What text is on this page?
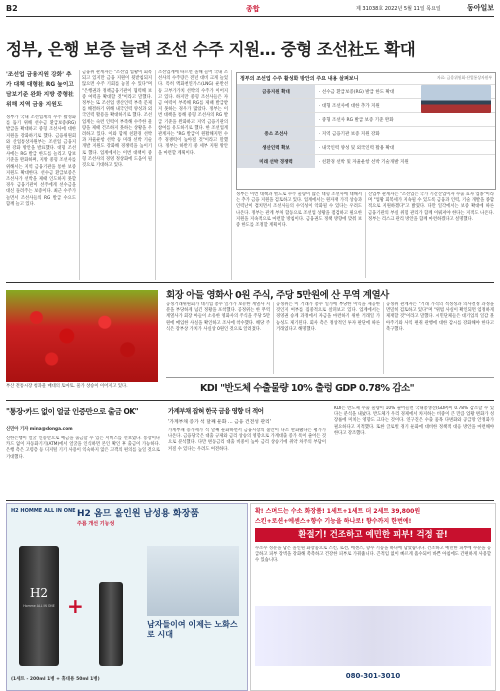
B2	종합	제 31038호 2022년 5월 11일 목요일	동아일보
정부, 은행 보증 늘려 조선 수주 지원… 중형 조선社도 확대
'조선업 금융지원 강화' 추가 대책 대형社 RG 높이고 담보기준 완화 지방 중형社 위해 지역 금융 지원도
정부가 국내 조선업계의 수주 활성화를 돕기 위해 선수금 환급보증(RG) 발급을 확대하고 중형 조선사에 대한 지원을 강화하기로 했다. 금융위원회와 산업통상자원부는 조선업 금융지원 강화 방안을 발표했다. 대형 조선사에는 RG 발급 한도를 늘리고 담보 기준을 완화하며, 지방 중형 조선사를 위해서는 지역 금융기관을 통한 보증 지원도 확대한다. 선수금 환급보증은 조선사가 선박을 제때 인도하지 못할 경우 금융기관이 선주에게 선수금을 대신 돌려주는 보증이다. 최근 수주가 늘면서 조선사들의 RG 발급 수요도 함께 늘고 있다.
금융위 관계자는 "조선업 업황이 회복되고 있지만 금융 지원이 뒷받침되지 않으면 수주 기회를 놓칠 수 있다"며 "은행권과 정책금융기관이 협력해 보증 여력을 확대할 것"이라고 말했다. 정부는 또 조선업 생산인력 부족 문제를 해결하기 위해 내국인력 양성과 외국인력 활용을 확대하기로 했다. 조선업계는 숙련 인력이 부족해 수주한 물량을 제때 건조하지 못하는 상황을 우려하고 있다. 이와 함께 친환경 선박과 자율운항 선박 등 미래 선박 기술 개발 지원도 강화해 경쟁력을 높이기로 했다. 업계에서는 이번 대책이 중형 조선사의 경영 정상화에 도움이 될 것으로 기대하고 있다.
조선업계에 따르면 올해 들어 국내 조선사의 수주량은 전년 대비 크게 늘었다. 특히 액화천연가스(LNG) 운반선 등 고부가가치 선박의 수주가 이어지고 있다. 하지만 중형 조선사들은 자금 여력이 부족해 RG를 제때 발급받지 못하는 경우가 많았다. 정부는 이번 대책을 통해 중형 조선사의 RG 발급 기준을 완화하고 지역 금융기관의 참여를 유도하기로 했다. 한 조선업계 관계자는 "RG 발급이 원활해지면 수주 경쟁력이 높아질 것"이라고 말했다. 정부는 하반기 중 세부 지원 방안을 마련할 계획이다.
정부의 조선업 수주 활성화 방안의 주요 내용 살펴보니	자료: 금융위원회·산업통상자원부
금융지원 확대	· 선수금 환급보증(RG) 발급 한도 확대
· 대형 조선사에 대한 추가 지원
· 중형 조선사 RG 발급 보증 기준 완화
중소 조선사	· 지역 금융기관 보증 지원 강화
생산인력 확보	· 내국인력 양성 및 외국인력 활용 확대
미래 선박 경쟁력	· 친환경 선박 및 자율운항 선박 기술개발 지원
정부는 이번 대책과 별도로 수주 물량이 많은 대형 조선사에 대해서는 추가 금융 지원을 검토하고 있다. 업계에서는 원자재 가격 상승과 인력난이 겹치면서 조선사들의 수익성이 악화될 수 있다는 우려도 나온다. 정부는 관계 부처 합동으로 조선업 상황을 점검하고 필요한 지원을 지속적으로 마련할 방침이다. 금융권도 정책 방향에 맞춰 보증 한도를 조정할 계획이다.
산업부 관계자는 "조선업은 국가 기간산업이자 수출 효자 업종"이라며 "업황 회복세가 지속될 수 있도록 금융과 인력, 기술 개발을 종합적으로 지원하겠다"고 밝혔다. 다만 일각에서는 보증 확대에 따른 금융기관의 부실 위험 관리가 함께 이뤄져야 한다는 지적도 나온다. 정부는 리스크 관리 방안을 함께 마련하겠다고 설명했다.
부산 전통시장 청과물 매대의 토마토. 물가 상승이 이어지고 있다.
회장 아들 영화사 0원 주식, 주당 5만원에 산 무역 계열사
공정거래위원회가 대기업 총수 일가가 보유한 계열사 지분을 부당하게 넘긴 정황을 포착했다. 공정위는 한 무역 계열사가 회장 아들이 소유한 영화사의 주식을 주당 5만 원에 매입한 사실을 확인하고 조사에 착수했다. 해당 주식은 장부상 가치가 사실상 0원인 것으로 알려졌다.
공정위는 이 거래가 총수 일가에 부당한 이익을 제공한 것인지 여부를 집중적으로 살펴보고 있다. 업계에서는 경영권 승계 과정에서 자금을 마련하기 위한 거래일 가능성도 제기된다. 회사 측은 정상적인 투자 판단에 따른 거래였다고 해명했다.
공정위 관계자는 "거래 가격의 적정성과 의사결정 과정을 면밀히 검토하고 있다"며 "위법 사실이 확인되면 엄정하게 제재할 것"이라고 말했다. 시민단체들은 대기업의 일감 몰아주기와 사익 편취 관행에 대한 감시를 강화해야 한다고 촉구했다.
KDI "반도체 수출물량 10% 출렁 GDP 0.78% 감소"
"통장·카드 없이 얼굴 인증만으로 출금 OK"
신민아 기자 mina@donga.com
신한은행이 얼굴 인증만으로 예금을 출금할 수 있는 서비스를 선보였다. 통장이나 카드 없이 자동화기기(ATM)에서 얼굴을 인식하면 본인 확인 후 출금이 가능하다. 은행 측은 고령층 등 디지털 기기 사용이 익숙하지 않은 고객의 편의를 높일 것으로 기대했다.
가계부채 잡혀 한국 금융 영향 더 적어
'가계부채 증가 석 달째 둔화 … 금융 건전성 관리'
가계부채 증가세가 석 달째 둔화하면서 금융시장의 불안이 다소 완화됐다는 평가가 나온다. 금융당국은 대출 규제와 금리 상승의 영향으로 가계대출 증가 폭이 줄어든 것으로 분석했다. 다만 변동금리 대출 비중이 높아 금리 상승기에 취약 차주의 부담이 커질 수 있다는 우려도 여전하다.
KDI는 반도체 수출 물량이 10% 줄어들면 국내총생산(GDP)이 0.78% 감소할 수 있다는 분석을 내놨다. 반도체가 우리 경제에서 차지하는 비중이 큰 만큼 업황 변화가 성장률에 미치는 영향도 크다는 것이다. 연구진은 수출 품목 다변화와 공급망 안정화가 필요하다고 지적했다. 또한 글로벌 경기 둔화에 대비한 정책적 대응 방안을 마련해야 한다고 강조했다.
H2 HOMME ALL IN ONE H2 옴므 올인원 남성용 화장품
주름 개선 기능성
H2
Homme ALL IN ONE +
남자들이여 이제는 노화스로 시대
(1세트 - 200ml 1병 + 휴대용 50ml 1병)
확! 스며드는 수소 화장품! 1세트+1세트 더 2세트 39,800원
스킨+로션+에센스+향수 기능을 하나로! 향수까지 한번에!
환절기! 건조하고 예민한 피부! 걱정 끝!
수소수 성분을 담은 올인원 화장품으로 스킨, 로션, 에센스, 향수 기능을 하나에 담았습니다. 건조하고 예민한 피부에 수분을 공급하고 피부 장벽을 강화해 촉촉하고 건강한 피부로 가꿔줍니다. 끈적임 없이 빠르게 흡수되어 바쁜 아침에도 간편하게 사용할 수 있습니다.
080-301-3010
